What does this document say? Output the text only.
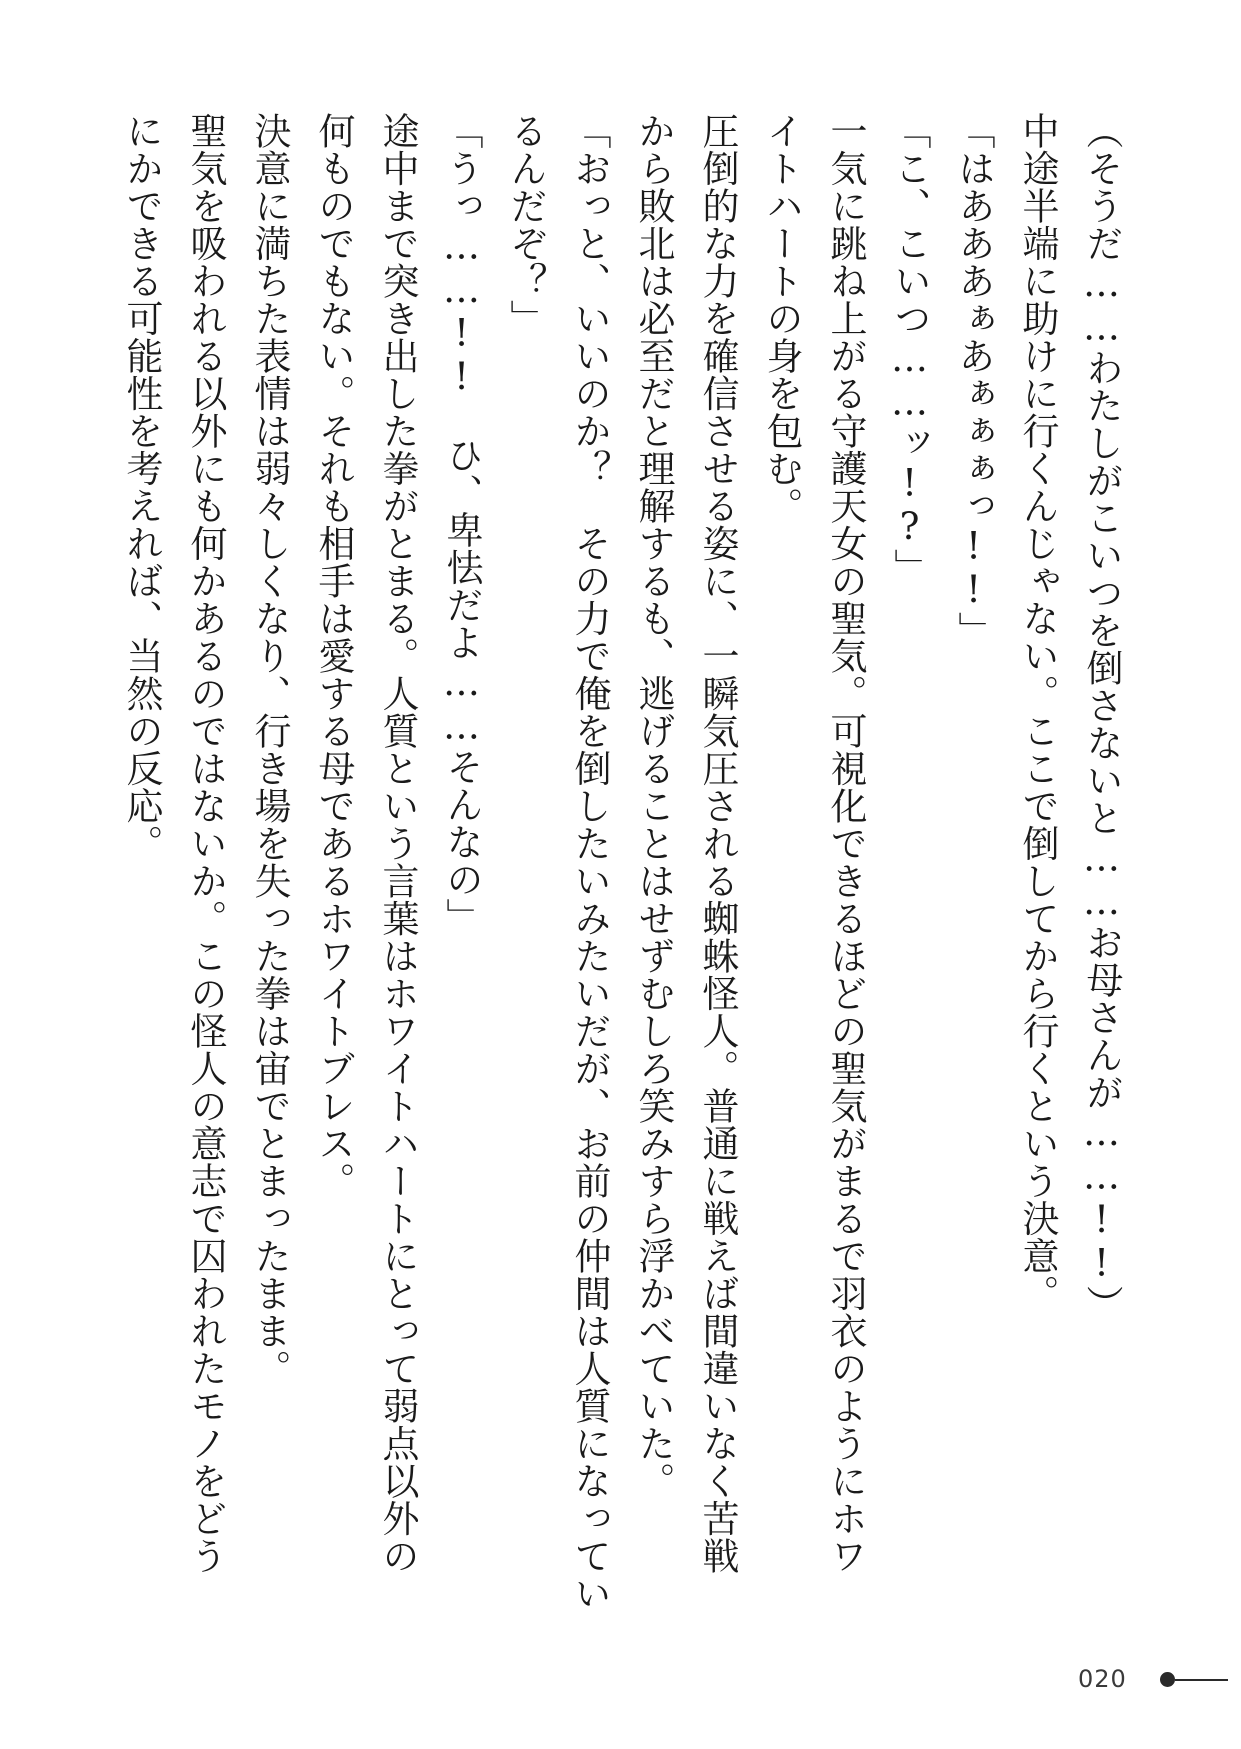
（そうだ……わたしがこいつを倒さないと……お母さんが……!!）

中途半端に助けに行くんじゃない。ここで倒してから行くという決意。

「はあああぁあぁぁぁっ!!」

「こ、こいつ……ッ!?」

一気に跳ね上がる守護天女の聖気。可視化できるほどの聖気がまるで羽衣のようにホワ

イトハートの身を包む。

圧倒的な力を確信させる姿に、一瞬気圧される蜘蛛怪人。普通に戦えば間違いなく苦戦

から敗北は必至だと理解するも、逃げることはせずむしろ笑みすら浮かべていた。

「おっと、いいのか？　その力で俺を倒したいみたいだが、お前の仲間は人質になってい

るんだぞ？」

「うっ……!!　ひ、卑怯だよ……そんなの」

途中まで突き出した拳がとまる。人質という言葉はホワイトハートにとって弱点以外の

何ものでもない。それも相手は愛する母であるホワイトブレス。

決意に満ちた表情は弱々しくなり、行き場を失った拳は宙でとまったまま。

聖気を吸われる以外にも何かあるのではないか。この怪人の意志で囚われたモノをどう

にかできる可能性を考えれば、当然の反応。

020
